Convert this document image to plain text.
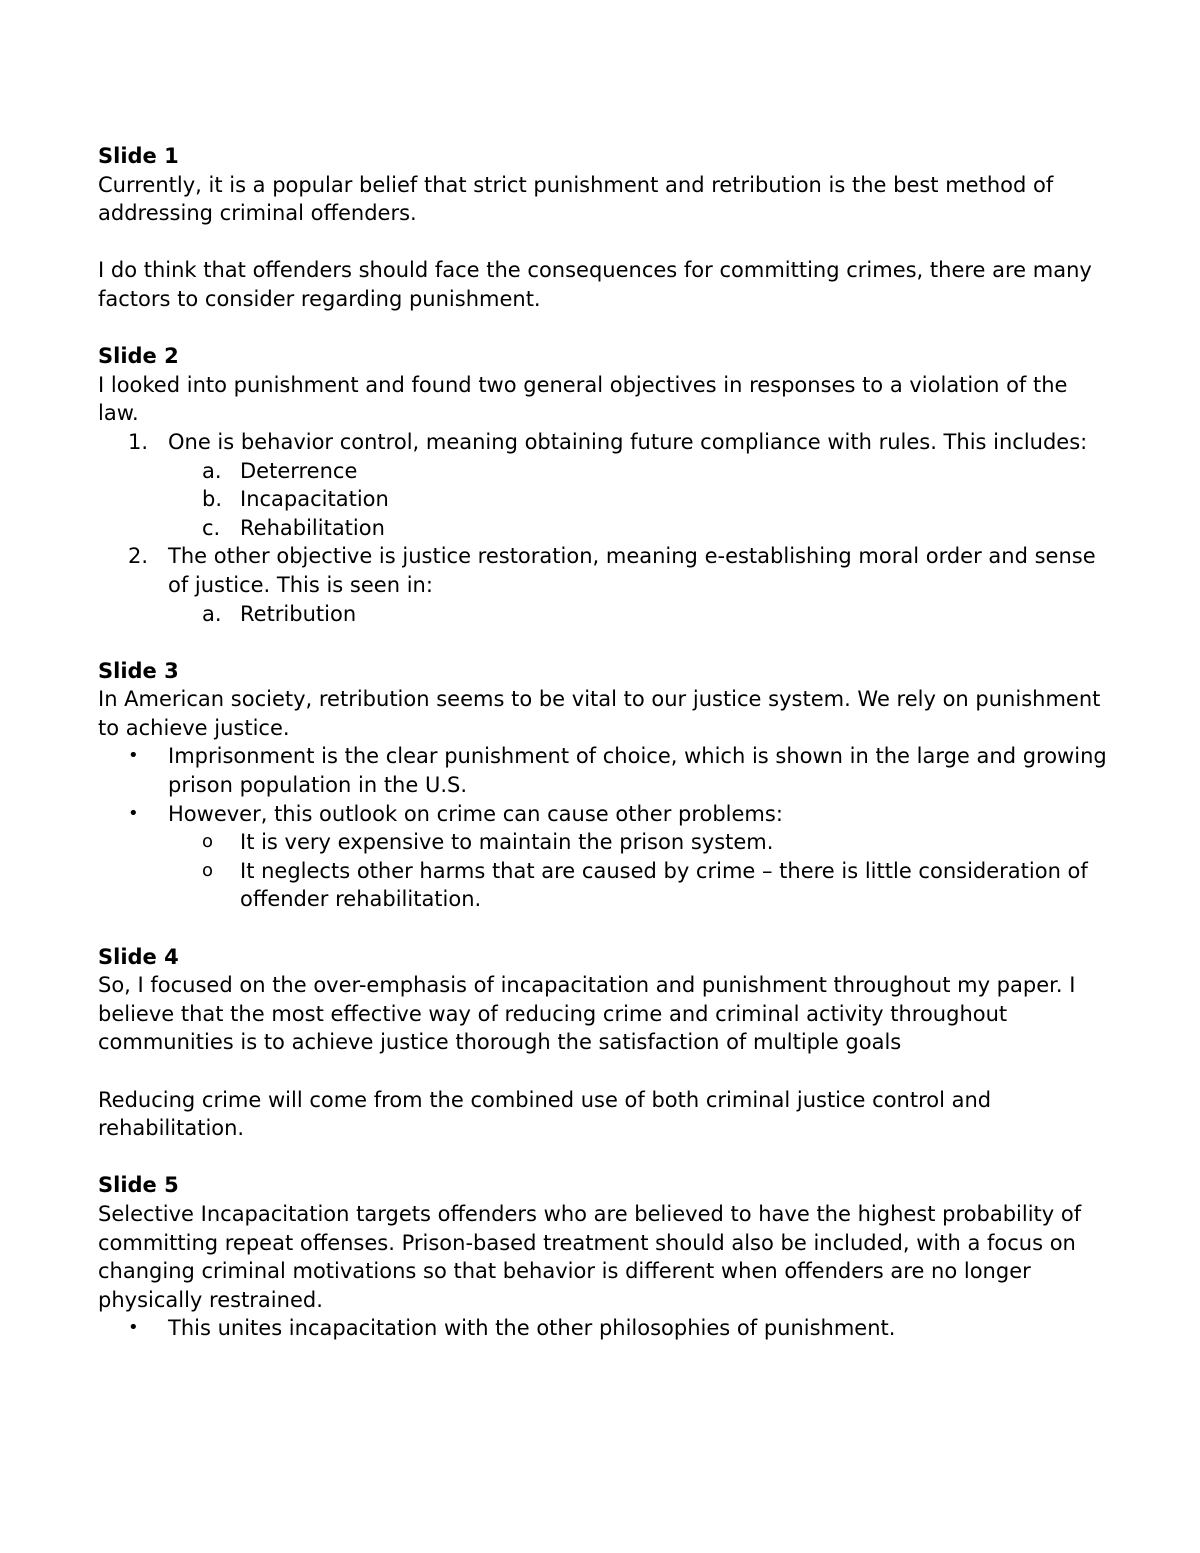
Slide 1

Currently, it is a popular belief that strict punishment and retribution is the best method of addressing criminal offenders.

I do think that offenders should face the consequences for committing crimes, there are many factors to consider regarding punishment.

Slide 2

I looked into punishment and found two general objectives in responses to a violation of the law.

1. One is behavior control, meaning obtaining future compliance with rules. This includes:
a. Deterrence
b. Incapacitation
c. Rehabilitation
2. The other objective is justice restoration, meaning e-establishing moral order and sense of justice. This is seen in:
a. Retribution

Slide 3

In American society, retribution seems to be vital to our justice system. We rely on punishment to achieve justice.

•	Imprisonment is the clear punishment of choice, which is shown in the large and growing prison population in the U.S.
•	However, this outlook on crime can cause other problems:
o	It is very expensive to maintain the prison system.
o	It neglects other harms that are caused by crime – there is little consideration of offender rehabilitation.

Slide 4

So, I focused on the over-emphasis of incapacitation and punishment throughout my paper. I believe that the most effective way of reducing crime and criminal activity throughout communities is to achieve justice thorough the satisfaction of multiple goals

Reducing crime will come from the combined use of both criminal justice control and rehabilitation.

Slide 5

Selective Incapacitation targets offenders who are believed to have the highest probability of committing repeat offenses. Prison-based treatment should also be included, with a focus on changing criminal motivations so that behavior is different when offenders are no longer physically restrained.

•	This unites incapacitation with the other philosophies of punishment.
